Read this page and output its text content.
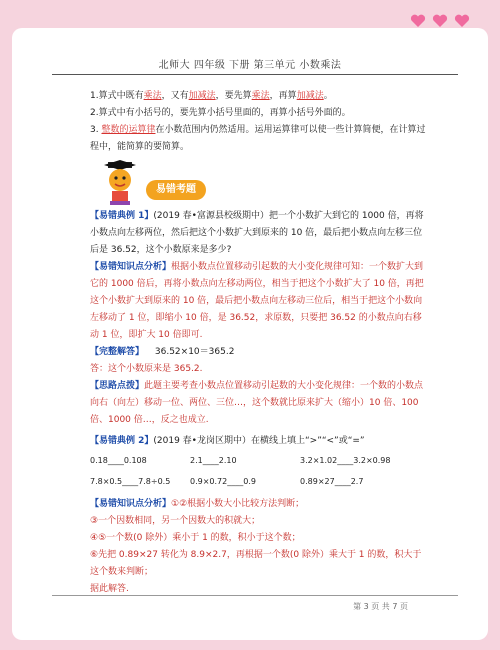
北师大 四年级 下册 第三单元 小数乘法
1.算式中既有乘法，又有加减法，要先算乘法，再算加减法。
2.算式中有小括号的，要先算小括号里面的，再算小括号外面的。
3. 整数的运算律在小数范围内仍然适用。运用运算律可以使一些计算简便，在计算过程中，能简算的要简算。
易错考题
【易错典例 1】(2019 春•富源县校级期中）把一个小数扩大到它的 1000 倍，再将小数点向左移两位，然后把这个小数扩大到原来的 10 倍，最后把小数点向左移三位后是 36.52，这个小数原来是多少?
【易错知识点分析】根据小数点位置移动引起数的大小变化规律可知：一个数扩大到它的 1000 倍后，再将小数点向左移动两位，相当于把这个小数扩大了 10 倍，再把这个小数扩大到原来的 10 倍，最后把小数点向左移动三位后，相当于把这个小数向左移动了 1 位，即缩小 10 倍，是 36.52，求原数，只要把 36.52 的小数点向右移动 1 位，即扩大 10 倍即可.
【完整解答】 36.52×10＝365.2
答：这个小数原来是 365.2.
【思路点拨】此题主要考查小数点位置移动引起数的大小变化规律：一个数的小数点向右（向左）移动一位、两位、三位…，这个数就比原来扩大（缩小）10 倍、100 倍、1000 倍…，反之也成立.
【易错典例 2】(2019 春•龙岗区期中）在横线上填上“>”“<”或“=”
0.18____0.108	2.1____2.10	3.2×1.02____3.2×0.98
7.8×0.5____7.8÷0.5	0.9×0.72____0.9	0.89×27____2.7
【易错知识点分析】①②根据小数大小比较方法判断；
③一个因数相同，另一个因数大的积就大；
④⑤一个数(0 除外）乘小于 1 的数，积小于这个数；
⑥先把 0.89×27 转化为 8.9×2.7，再根据一个数(0 除外）乘大于 1 的数，积大于这个数来判断；
据此解答.
第 3 页 共 7 页
